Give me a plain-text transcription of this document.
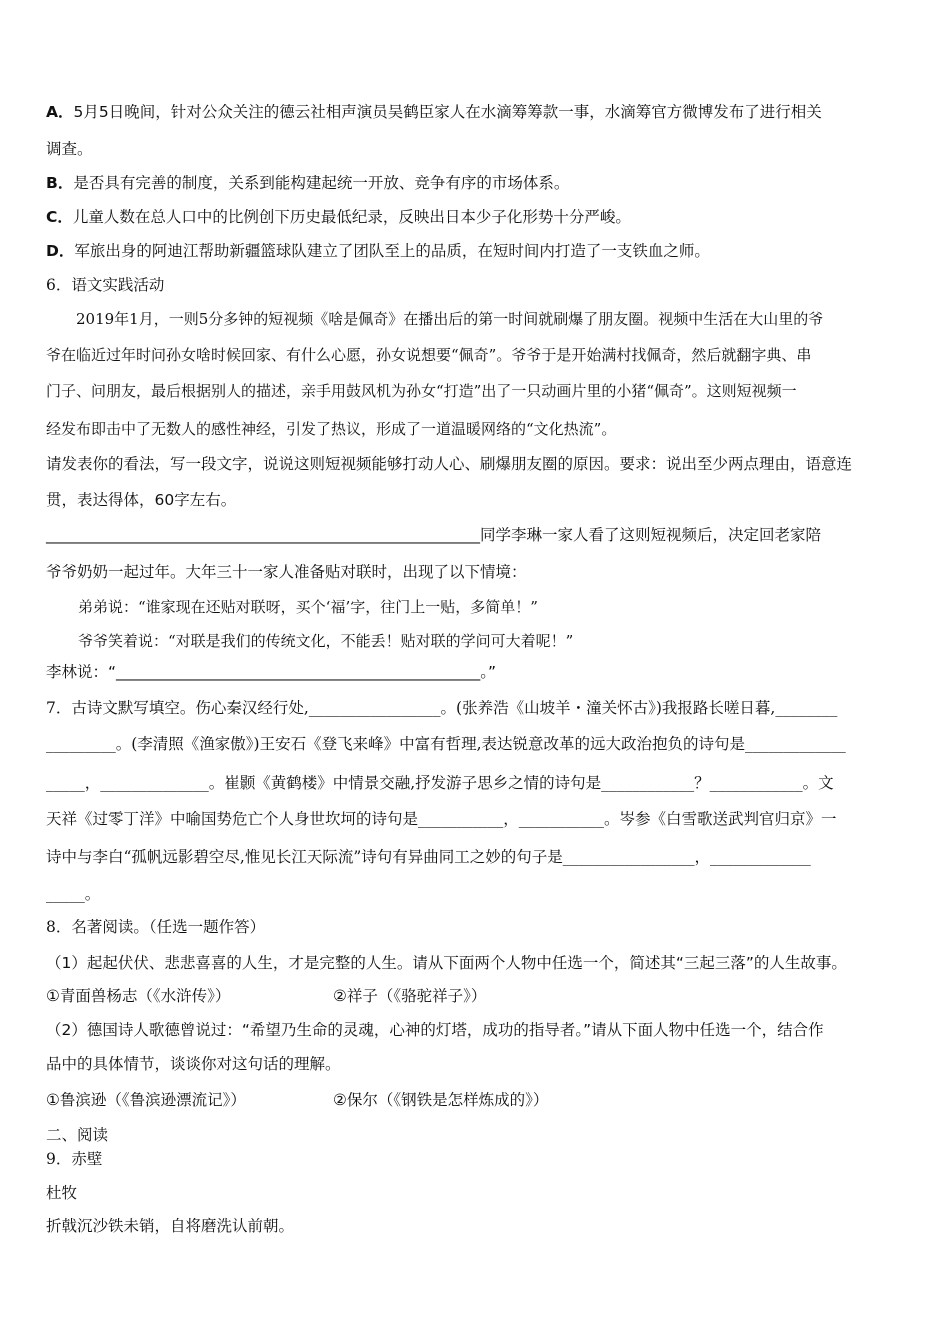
A．5月5日晚间，针对公众关注的德云社相声演员吴鹤臣家人在水滴筹筹款一事，水滴筹官方微博发布了进行相关
调查。
B．是否具有完善的制度，关系到能构建起统一开放、竞争有序的市场体系。
C．儿童人数在总人口中的比例创下历史最低纪录，反映出日本少子化形势十分严峻。
D．军旅出身的阿迪江帮助新疆篮球队建立了团队至上的品质，在短时间内打造了一支铁血之师。
6．语文实践活动
2019年1月，一则5分多钟的短视频《啥是佩奇》在播出后的第一时间就刷爆了朋友圈。视频中生活在大山里的爷
爷在临近过年时问孙女啥时候回家、有什么心愿，孙女说想要“佩奇”。爷爷于是开始满村找佩奇，然后就翻字典、串
门子、问朋友，最后根据别人的描述，亲手用鼓风机为孙女“打造”出了一只动画片里的小猪“佩奇”。这则短视频一
经发布即击中了无数人的感性神经，引发了热议，形成了一道温暖网络的“文化热流”。
请发表你的看法，写一段文字，说说这则短视频能够打动人心、刷爆朋友圈的原因。要求：说出至少两点理由，语意连
贯，表达得体，60字左右。
________________________________________________________同学李琳一家人看了这则短视频后，决定回老家陪
爷爷奶奶一起过年。大年三十一家人准备贴对联时，出现了以下情境：
弟弟说：“谁家现在还贴对联呀，买个‘福’字，往门上一贴，多简单！”
爷爷笑着说：“对联是我们的传统文化，不能丢！贴对联的学问可大着呢！”
李林说：“_______________________________________________。”
7．古诗文默写填空。伤心秦汉经行处,_________________。(张养浩《山坡羊・潼关怀古》)我报路长嗟日暮,________
_________。(李清照《渔家傲》)王安石《登飞来峰》中富有哲理,表达锐意改革的远大政治抱负的诗句是_____________
_____，______________。崔颢《黄鹤楼》中情景交融,抒发游子思乡之情的诗句是____________？____________。文
天祥《过零丁洋》中喻国势危亡个人身世坎坷的诗句是___________，___________。岑参《白雪歌送武判官归京》一
诗中与李白“孤帆远影碧空尽,惟见长江天际流”诗句有异曲同工之妙的句子是_________________，_____________
_____。
8．名著阅读。（任选一题作答）
（1）起起伏伏、悲悲喜喜的人生，才是完整的人生。请从下面两个人物中任选一个，简述其“三起三落”的人生故事。
①青面兽杨志（《水浒传》）	②祥子（《骆驼祥子》）
（2）德国诗人歌德曾说过：“希望乃生命的灵魂，心神的灯塔，成功的指导者。”请从下面人物中任选一个，结合作
品中的具体情节，谈谈你对这句话的理解。
①鲁滨逊（《鲁滨逊漂流记》）	②保尔（《钢铁是怎样炼成的》）
二、阅读
9．赤壁
杜牧
折戟沉沙铁未销，自将磨洗认前朝。
